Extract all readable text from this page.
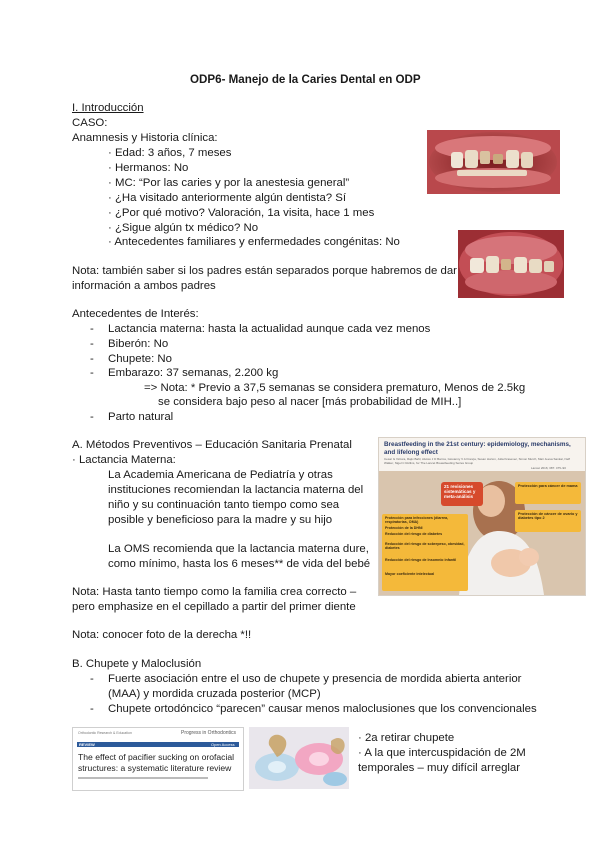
ODP6- Manejo de la Caries Dental en ODP
I. Introducción
CASO:
Anamnesis y Historia clínica:
· Edad: 3 años, 7 meses
· Hermanos: No
· MC: “Por las caries y por la anestesia general”
· ¿Ha visitado anteriormente algún dentista? Sí
· ¿Por qué motivo? Valoración, 1a visita, hace 1 mes
· ¿Sigue algún tx médico? No
· Antecedentes familiares y enfermedades congénitas: No
Nota: también saber si los padres están separados porque habremos de dar
información a ambos padres
Antecedentes de Interés:
- Lactancia materna: hasta la actualidad aunque cada vez menos
- Biberón: No
- Chupete: No
- Embarazo: 37 semanas, 2.200 kg
=> Nota: * Previo a 37,5 semanas se considera prematuro, Menos de 2.5kg
se considera bajo peso al nacer [más probabilidad de MIH..]
- Parto natural
A. Métodos Preventivos – Educación Sanitaria Prenatal
· Lactancia Materna:
La Academia Americana de Pediatría y otras
instituciones recomiendan la lactancia materna del
niño y su continuación tanto tiempo como sea
posible y beneficioso para la madre y su hijo
La OMS recomienda que la lactancia materna dure,
como mínimo, hasta los 6 meses** de vida del bebé
Nota: Hasta tanto tiempo como la familia crea correcto –
pero emphasize en el cepillado a partir del primer diente
Nota: conocer foto de la derecha *!!
Breastfeeding in the 21st century: epidemiology, mechanisms,
and lifelong effect
Cesar G Victora, Rajiv Bahl, Aluísio J D Barros, Giovanny V A França, Susan Horton, Julia Krasevec, Simon Murch, Mari Jeeva Sankar, Neff Walker, Nigel C Rollins, for The Lancet Breastfeeding Series Group
Lancet 2016; 387: 475–90
21 revisiones sistemáticas y meta-análisis
Protección para infecciones (diarrea, respiratorias, OMA)
Protección de la DHNI
Reducción del riesgo de diabetes
Reducción del riesgo de sobrepeso, obesidad, diabetes
Reducción del riesgo de Insomnio infantil
Mayor coeficiente intelectual
Protección para cáncer de mama
Protección de cáncer de ovario y diabetes tipo 2
B. Chupete y Maloclusión
- Fuerte asociación entre el uso de chupete y presencia de mordida abierta anterior
(MAA) y mordida cruzada posterior (MCP)
- Chupete ortodóncico “parecen” causar menos maloclusiones que los convencionales
Orthodontic Research & Education	Progress in Orthodontics
REVIEW	Open Access
The effect of pacifier sucking on orofacial
structures: a systematic literature review
· 2a retirar chupete
· A la que intercuspidación de 2M
temporales – muy difícil arreglar
